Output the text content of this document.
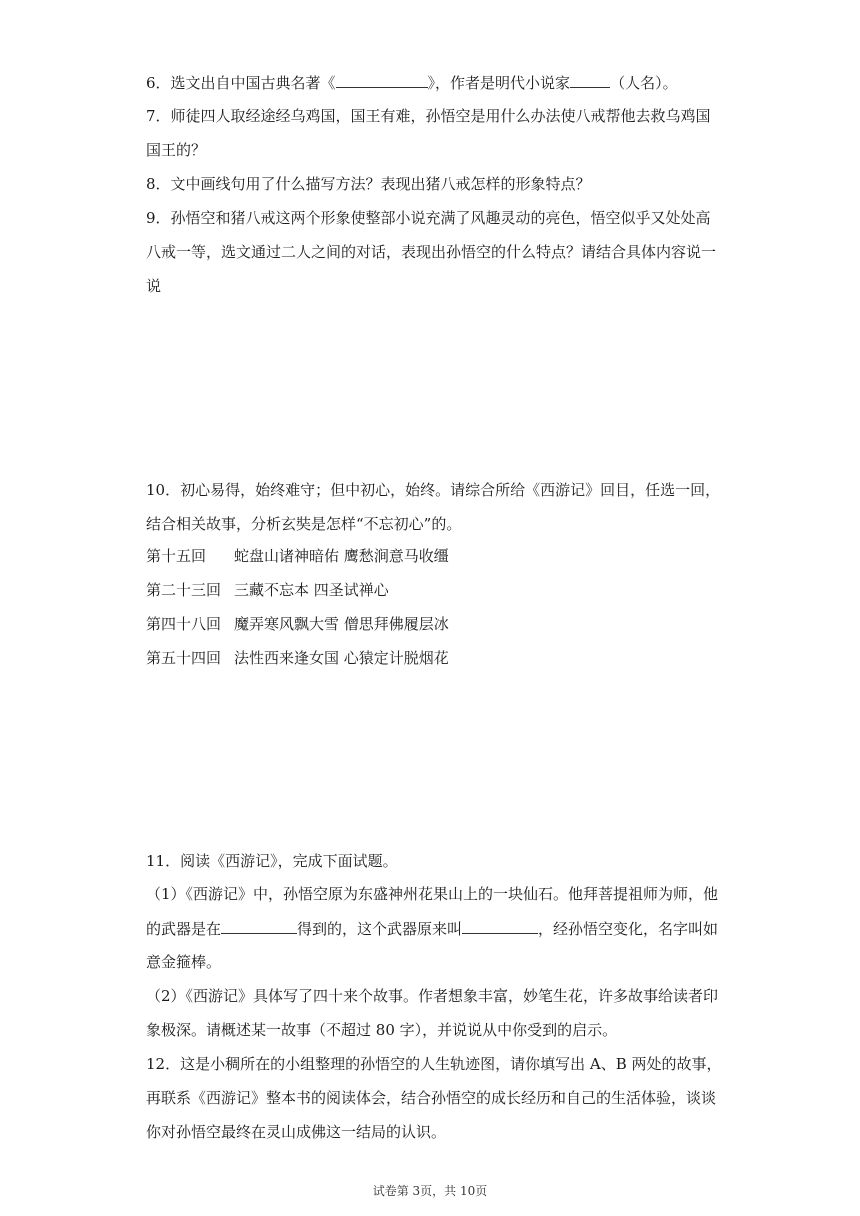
6．选文出自中国古典名著《	》，作者是明代小说家	（人名）。
7．师徒四人取经途经乌鸡国，国王有难，孙悟空是用什么办法使八戒帮他去救乌鸡国
国王的？
8．文中画线句用了什么描写方法？表现出猪八戒怎样的形象特点？
9．孙悟空和猪八戒这两个形象使整部小说充满了风趣灵动的亮色，悟空似乎又处处高
八戒一等，选文通过二人之间的对话，表现出孙悟空的什么特点？请结合具体内容说一
说
10．初心易得，始终难守；但中初心，始终。请综合所给《西游记》回目，任选一回，
结合相关故事，分析玄奘是怎样“不忘初心”的。
第十五回 蛇盘山诸神暗佑 鹰愁涧意马收缰
第二十三回 三藏不忘本 四圣试禅心
第四十八回 魔弄寒风飘大雪 僧思拜佛履层冰
第五十四回 法性西来逢女国 心猿定计脱烟花
11．阅读《西游记》，完成下面试题。
（1）《西游记》中，孙悟空原为东盛神州花果山上的一块仙石。他拜菩提祖师为师，他
的武器是在	得到的，这个武器原来叫	，经孙悟空变化，名字叫如
意金箍棒。
（2）《西游记》具体写了四十来个故事。作者想象丰富，妙笔生花，许多故事给读者印
象极深。请概述某一故事（不超过 80 字），并说说从中你受到的启示。
12．这是小稠所在的小组整理的孙悟空的人生轨迹图，请你填写出 A、B 两处的故事，
再联系《西游记》整本书的阅读体会，结合孙悟空的成长经历和自己的生活体验，谈谈
你对孙悟空最终在灵山成佛这一结局的认识。
试卷第 3页，共 10页
